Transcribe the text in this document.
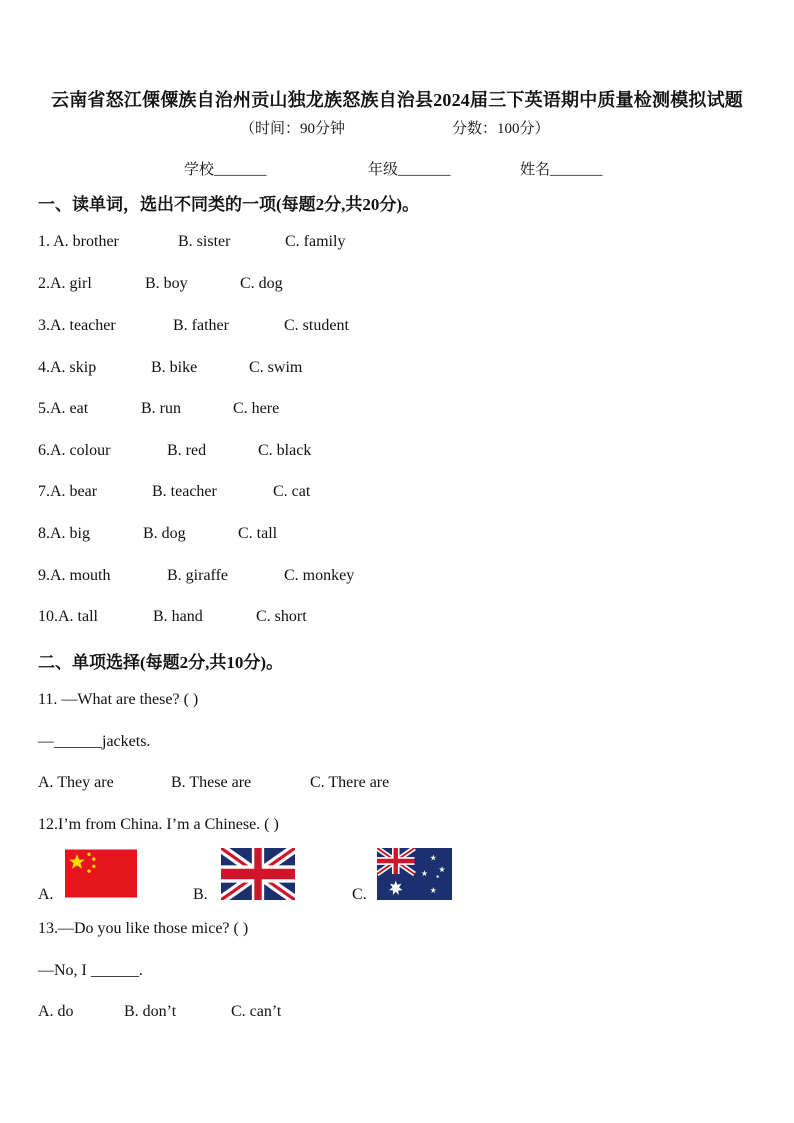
云南省怒江傈僳族自治州贡山独龙族怒族自治县2024届三下英语期中质量检测模拟试题
（时间：90分钟	分数：100分）
学校_______	年级_______	姓名_______
一、读单词，选出不同类的一项(每题2分,共20分)。
1. A. brother	B. sister	C. family
2.A. girl	B. boy	C. dog
3.A. teacher	B. father	C. student
4.A. skip	B. bike	C. swim
5.A. eat	B. run	C. here
6.A. colour	B. red	C. black
7.A. bear	B. teacher	C. cat
8.A. big	B. dog	C. tall
9.A. mouth	B. giraffe	C. monkey
10.A. tall	B. hand	C. short
二、单项选择(每题2分,共10分)。
11. —What are these? ( )
—______jackets.
A. They are	B. These are	C. There are
12.I’m from China. I’m a Chinese. ( )
A.	B.	C.
13.—Do you like those mice? ( )
—No, I ______.
A. do	B. don’t	C. can’t
